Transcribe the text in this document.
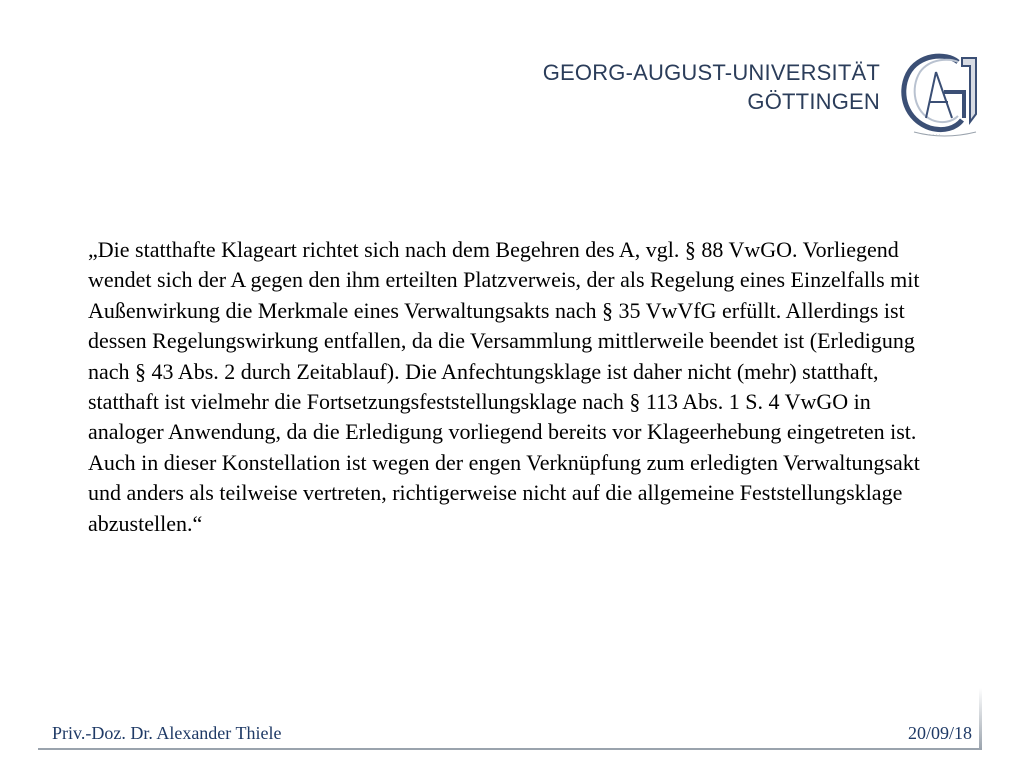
GEORG-AUGUST-UNIVERSITÄT
GÖTTINGEN
· · · · ·

„Die statthafte Klageart richtet sich nach dem Begehren des A, vgl. § 88 VwGO. Vorliegend wendet sich der A gegen den ihm erteilten Platzverweis, der als Regelung eines Einzelfalls mit Außenwirkung die Merkmale eines Verwaltungsakts nach § 35 VwVfG erfüllt. Allerdings ist dessen Regelungswirkung entfallen, da die Versammlung mittlerweile beendet ist (Erledigung nach § 43 Abs. 2 durch Zeitablauf). Die Anfechtungsklage ist daher nicht (mehr) statthaft, statthaft ist vielmehr die Fortsetzungsfeststellungsklage nach § 113 Abs. 1 S. 4 VwGO in analoger Anwendung, da die Erledigung vorliegend bereits vor Klageerhebung eingetreten ist. Auch in dieser Konstellation ist wegen der engen Verknüpfung zum erledigten Verwaltungsakt und anders als teilweise vertreten, richtigerweise nicht auf die allgemeine Feststellungsklage abzustellen.“

Priv.-Doz. Dr. Alexander Thiele	20/09/18
